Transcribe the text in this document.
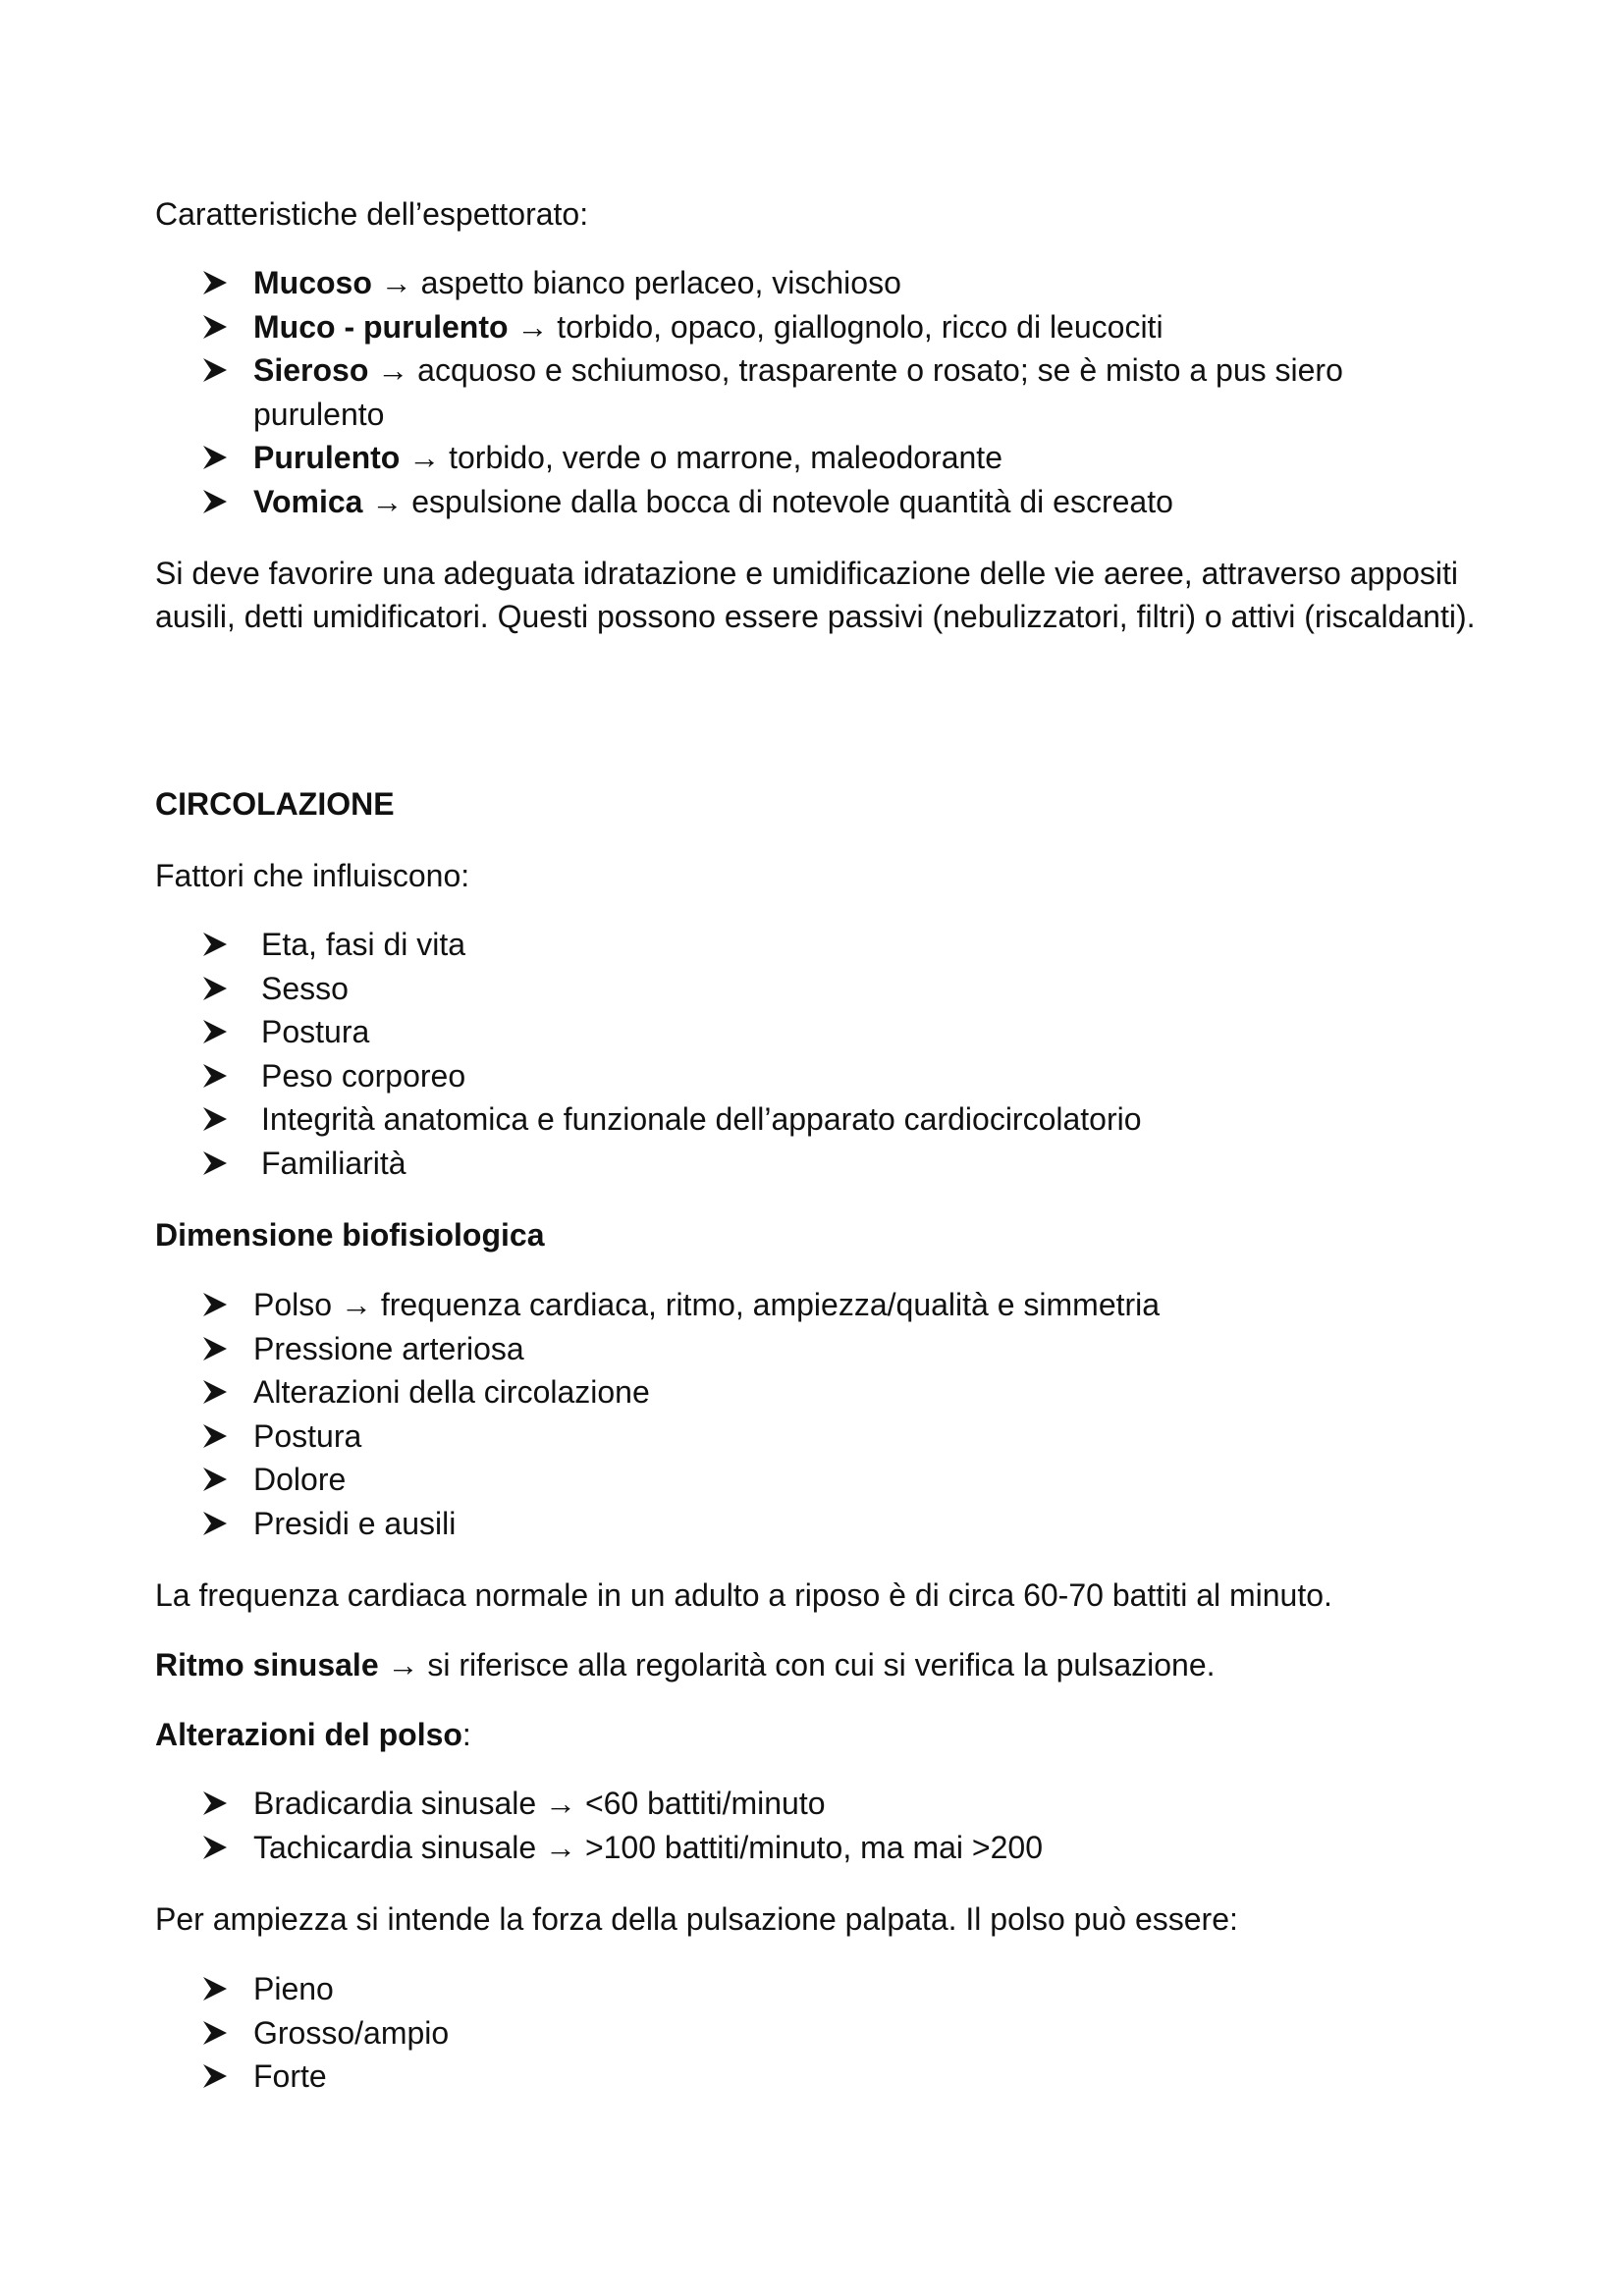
Caratteristiche dell’espettorato:

Mucoso → aspetto bianco perlaceo, vischioso
Muco - purulento → torbido, opaco, giallognolo, ricco di leucociti
Sieroso → acquoso e schiumoso, trasparente o rosato; se è misto a pus siero purulento
Purulento → torbido, verde o marrone, maleodorante
Vomica → espulsione dalla bocca di notevole quantità di escreato

Si deve favorire una adeguata idratazione e umidificazione delle vie aeree, attraverso appositi ausili, detti umidificatori. Questi possono essere passivi (nebulizzatori, filtri) o attivi (riscaldanti).

CIRCOLAZIONE

Fattori che influiscono:

Eta, fasi di vita
Sesso
Postura
Peso corporeo
Integrità anatomica e funzionale dell’apparato cardiocircolatorio
Familiarità

Dimensione biofisiologica

Polso → frequenza cardiaca, ritmo, ampiezza/qualità e simmetria
Pressione arteriosa
Alterazioni della circolazione
Postura
Dolore
Presidi e ausili

La frequenza cardiaca normale in un adulto a riposo è di circa 60-70 battiti al minuto.

Ritmo sinusale → si riferisce alla regolarità con cui si verifica la pulsazione.

Alterazioni del polso:

Bradicardia sinusale → <60 battiti/minuto
Tachicardia sinusale → >100 battiti/minuto, ma mai >200

Per ampiezza si intende la forza della pulsazione palpata. Il polso può essere:

Pieno
Grosso/ampio
Forte
